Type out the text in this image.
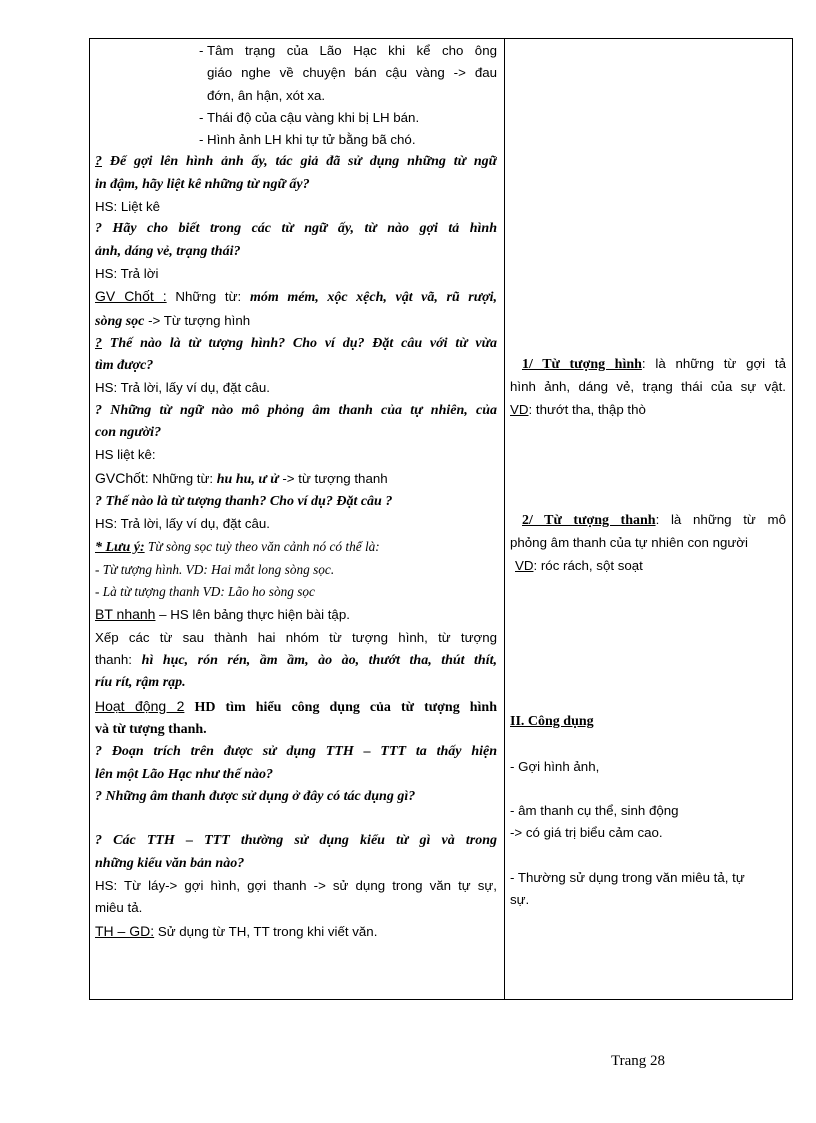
- Tâm trạng của Lão Hạc khi kể cho ông

giáo nghe về chuyện bán cậu vàng -> đau

đớn, ân hận, xót xa.

- Thái độ của cậu vàng khi bị LH bán.

- Hình ảnh LH khi tự tử bằng bã chó.

? Để gợi lên hình ảnh ấy, tác giả đã sử dụng những từ ngữ

in đậm, hãy liệt kê những từ ngữ ấy?

HS: Liệt kê

? Hãy cho biết trong các từ ngữ ấy, từ nào gợi tả hình

ảnh, dáng vẻ, trạng thái?

HS: Trả lời

GV Chốt : Những từ: móm mém, xộc xệch, vật vã, rũ rượi,

sòng sọc -> Từ tượng hình

? Thế nào là từ tượng hình? Cho ví dụ? Đặt câu với từ vừa

tìm được?

HS: Trả lời, lấy ví dụ, đặt câu.

? Những từ ngữ nào mô phỏng âm thanh của tự nhiên, của

con người?

HS liệt kê:

GVChốt: Những từ: hu hu, ư ử -> từ tượng thanh

? Thế nào là từ tượng thanh? Cho ví dụ? Đặt câu ?

HS: Trả lời, lấy ví dụ, đặt câu.

* Lưu ý: Từ sòng sọc tuỳ theo văn cảnh nó có thể là:

- Từ tượng hình. VD: Hai mắt long sòng sọc.

- Là từ tượng thanh VD: Lão ho sòng sọc

BT nhanh – HS lên bảng thực hiện bài tập.

Xếp các từ sau thành hai nhóm từ tượng hình, từ tượng

thanh: hì hục, rón rén, ầm ầm, ào ào, thướt tha, thút thít,

ríu rít, rậm rạp.

Hoạt động 2 HD tìm hiểu công dụng của từ tượng hình

và từ tượng thanh.

? Đoạn trích trên được sử dụng TTH – TTT ta thấy hiện

lên một Lão Hạc như thế nào?

? Những âm thanh được sử dụng ở đây có tác dụng gì?

? Các TTH – TTT thường sử dụng kiểu từ gì và trong

những kiểu văn bản nào?

HS: Từ láy-> gợi hình, gợi thanh -> sử dụng trong văn tự sự,

miêu tả.

TH – GD: Sử dụng từ TH, TT trong khi viết văn.

1/ Từ tượng hình: là những từ gợi tả

hình ảnh, dáng vẻ, trạng thái của sự vật.

VD: thướt tha, thập thò

2/ Từ tượng thanh: là những từ mô

phỏng âm thanh của tự nhiên con người

VD: róc rách, sột soạt

II. Công dụng

- Gợi hình ảnh,

- âm thanh cụ thể, sinh động

-> có giá trị biểu cảm cao.

- Thường sử dụng trong văn miêu tả, tự

sự.

Trang 28
